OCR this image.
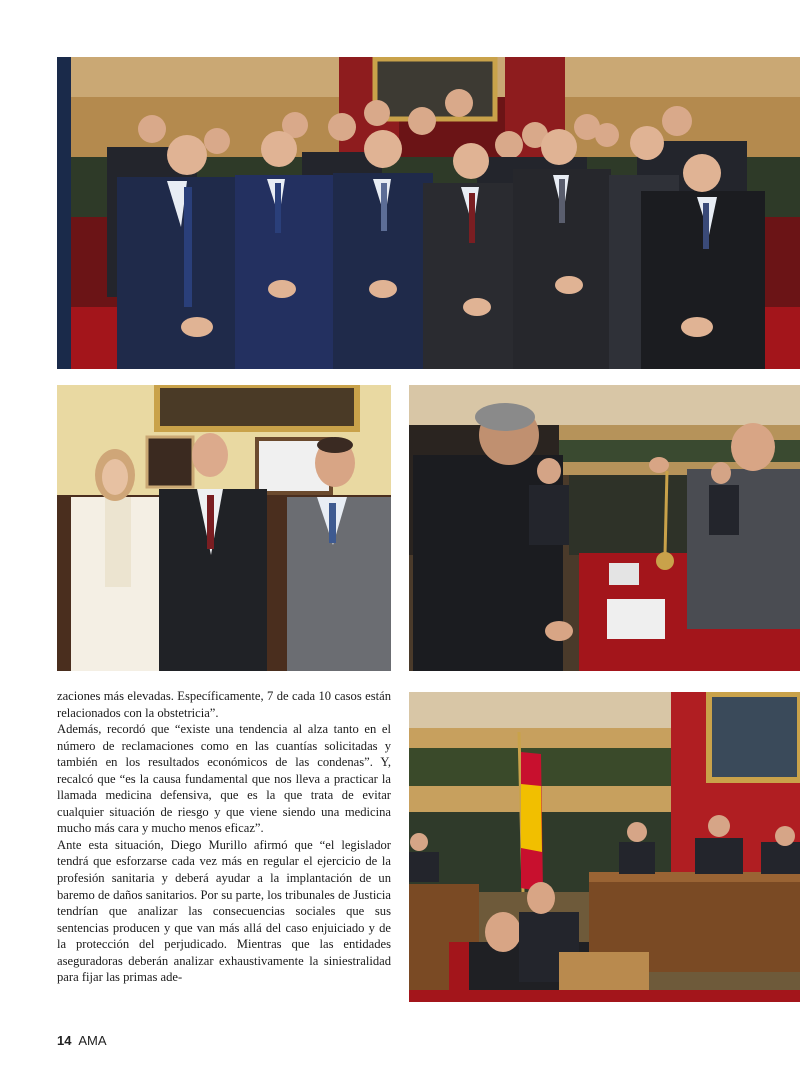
zaciones más elevadas. Específicamente, 7 de cada 10 casos están relacionados con la obstetricia”.

Además, recordó que “existe una tendencia al alza tanto en el número de reclamaciones como en las cuantías solicitadas y también en los resultados económicos de las condenas”. Y, recalcó que “es la causa fundamental que nos lleva a practicar la llamada medicina defensiva, que es la que trata de evitar cualquier situación de riesgo y que viene siendo una medicina mucho más cara y mucho menos eficaz”.

Ante esta situación, Diego Murillo afirmó que “el legislador tendrá que esforzarse cada vez más en regular el ejercicio de la profesión sanitaria y deberá ayudar a la implantación de un baremo de daños sanitarios. Por su parte, los tribunales de Justicia tendrían que analizar las consecuencias sociales que sus sentencias producen y que van más allá del caso enjuiciado y de la protección del perjudicado. Mientras que las entidades aseguradoras deberán analizar exhaustivamente la siniestralidad para fijar las primas ade-

14 AMA
